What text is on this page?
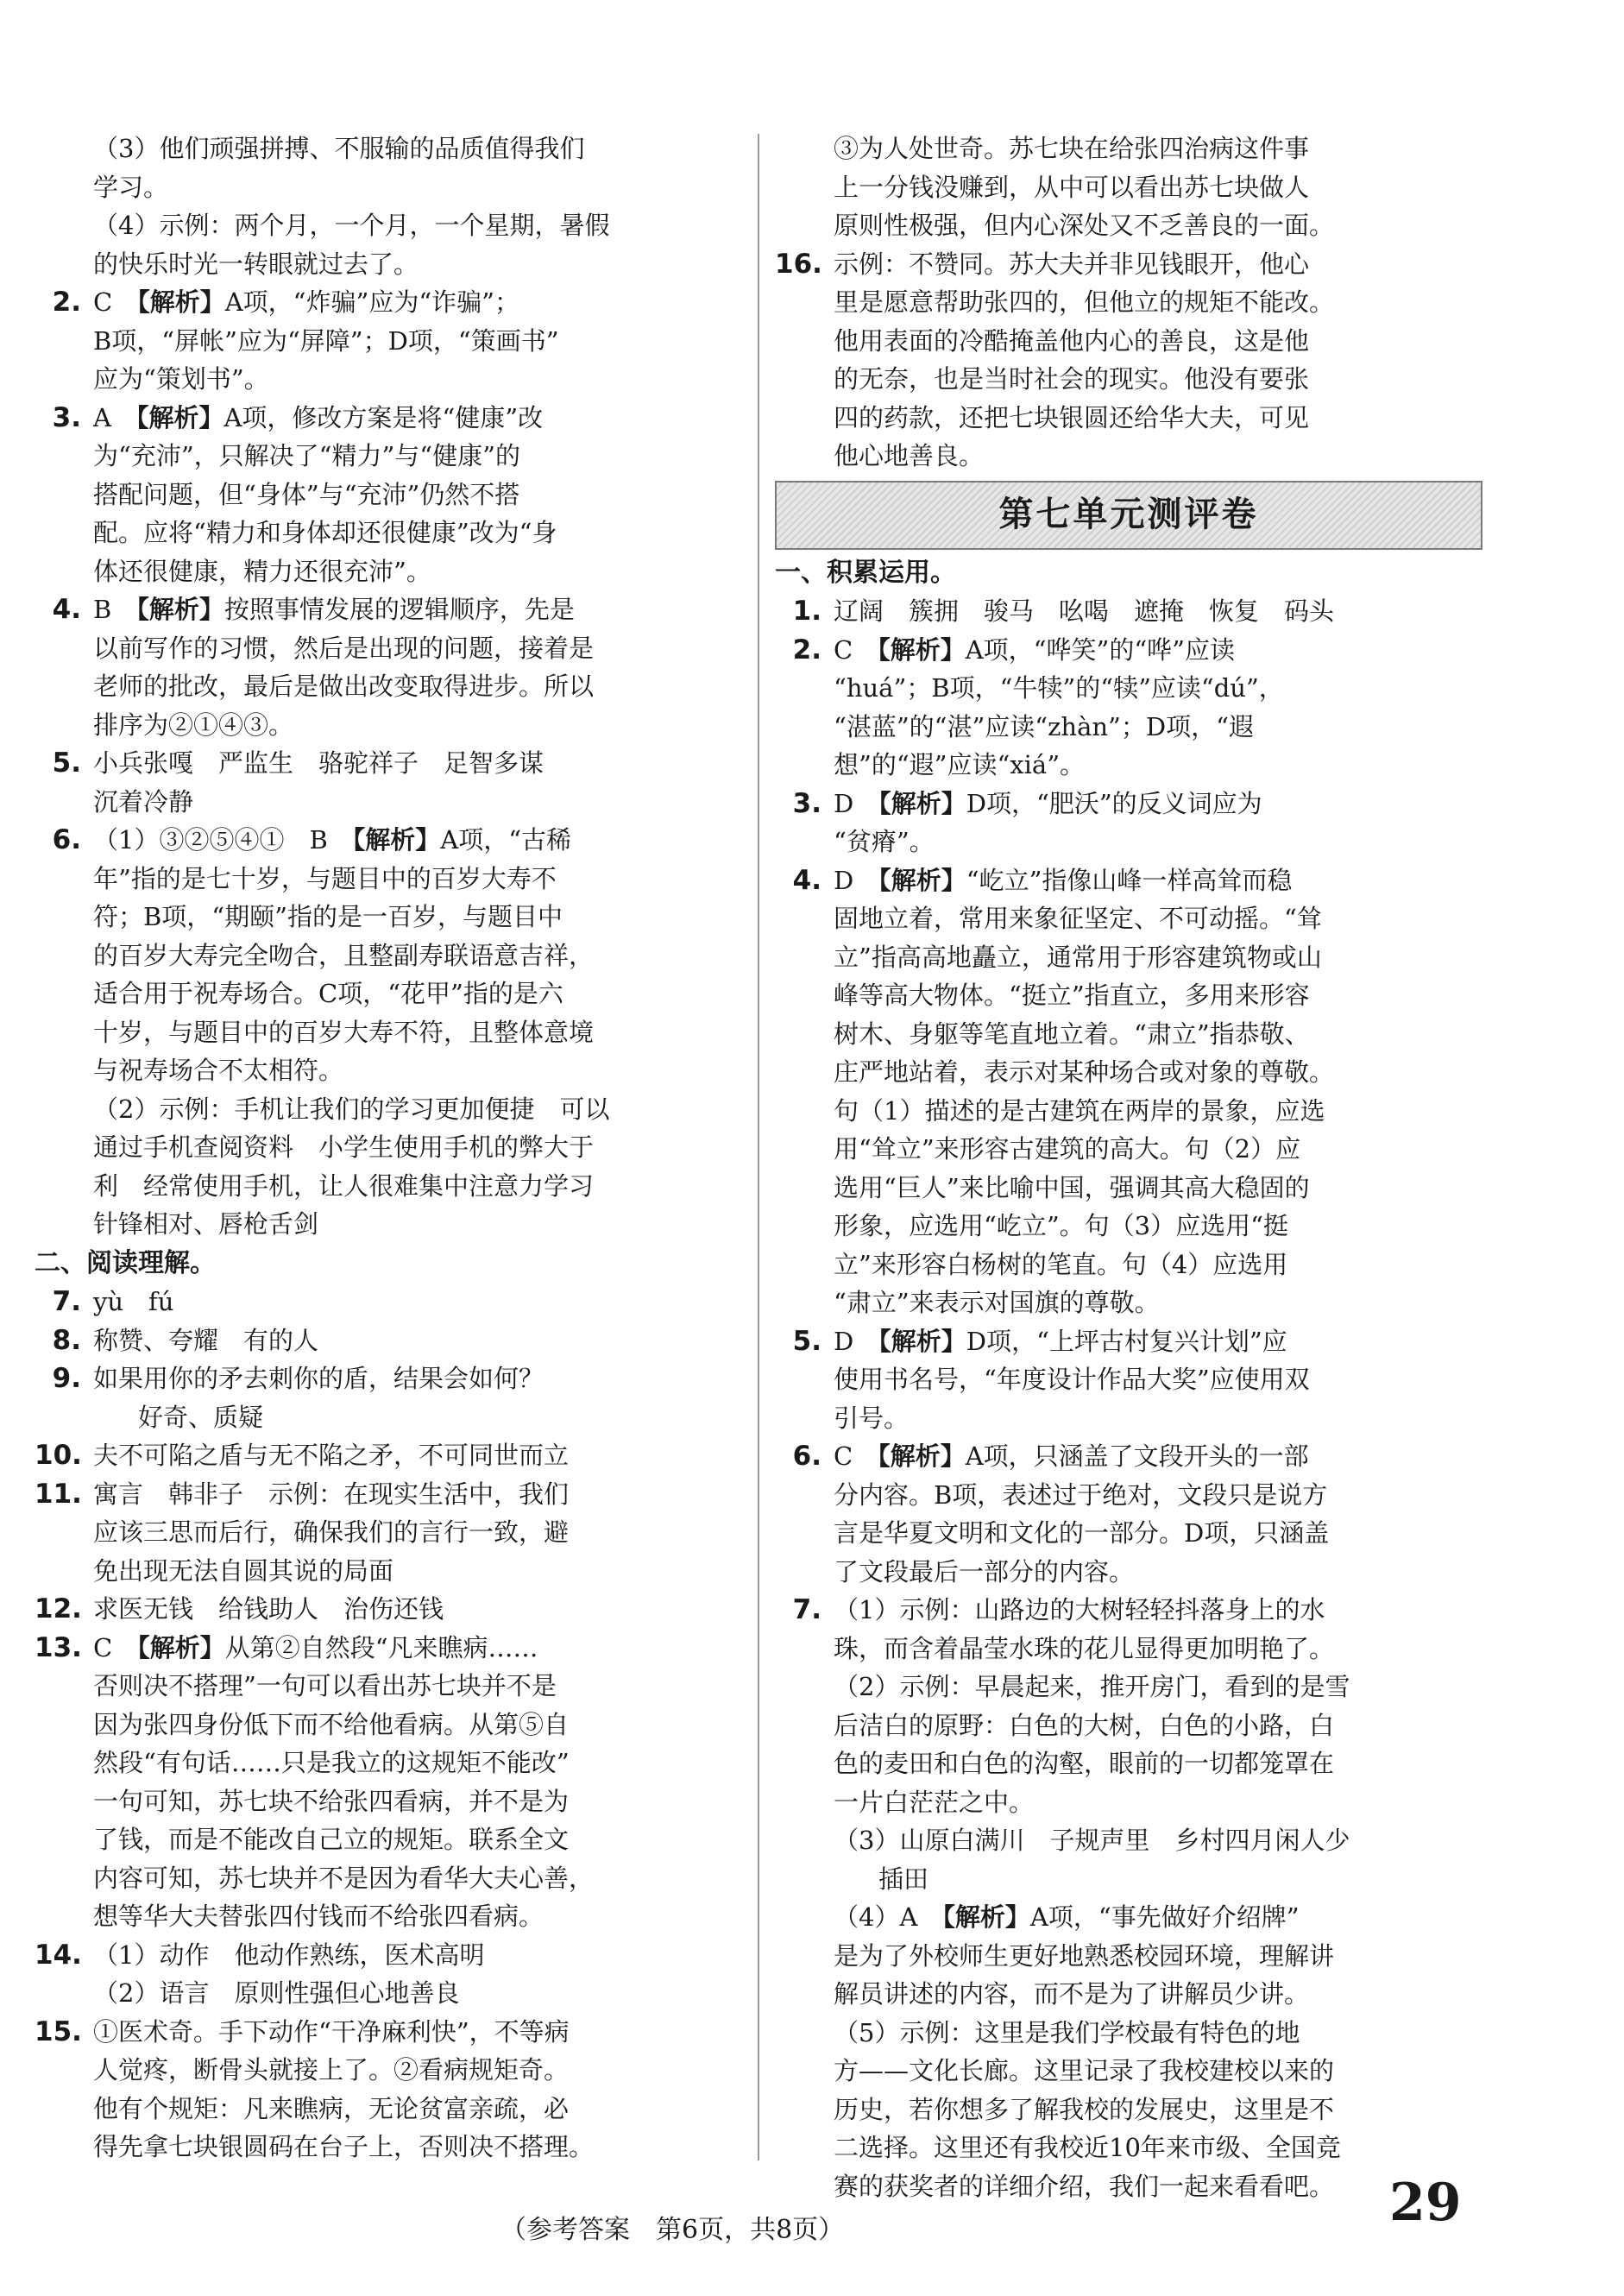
（3）他们顽强拼搏、不服输的品质值得我们
学习。
（4）示例：两个月，一个月，一个星期，暑假
的快乐时光一转眼就过去了。
2. C　【解析】A项，“炸骗”应为“诈骗”；
B项，“屏帐”应为“屏障”；D项，“策画书”
应为“策划书”。
3. A　【解析】A项，修改方案是将“健康”改
为“充沛”，只解决了“精力”与“健康”的
搭配问题，但“身体”与“充沛”仍然不搭
配。应将“精力和身体却还很健康”改为“身
体还很健康，精力还很充沛”。
4. B　【解析】按照事情发展的逻辑顺序，先是
以前写作的习惯，然后是出现的问题，接着是
老师的批改，最后是做出改变取得进步。所以
排序为②①④③。
5. 小兵张嘎　严监生　骆驼祥子　足智多谋
沉着冷静
6. （1）③②⑤④①　B　【解析】A项，“古稀
年”指的是七十岁，与题目中的百岁大寿不
符；B项，“期颐”指的是一百岁，与题目中
的百岁大寿完全吻合，且整副寿联语意吉祥，
适合用于祝寿场合。C项，“花甲”指的是六
十岁，与题目中的百岁大寿不符，且整体意境
与祝寿场合不太相符。
（2）示例：手机让我们的学习更加便捷　可以
通过手机查阅资料　小学生使用手机的弊大于
利　经常使用手机，让人很难集中注意力学习
针锋相对、唇枪舌剑
二、阅读理解。
7. yù　fú
8. 称赞、夸耀　有的人
9. 如果用你的矛去刺你的盾，结果会如何？
好奇、质疑
10. 夫不可陷之盾与无不陷之矛，不可同世而立
11. 寓言　韩非子　示例：在现实生活中，我们
应该三思而后行，确保我们的言行一致，避
免出现无法自圆其说的局面
12. 求医无钱　给钱助人　治伤还钱
13. C　【解析】从第②自然段“凡来瞧病……
否则决不搭理”一句可以看出苏七块并不是
因为张四身份低下而不给他看病。从第⑤自
然段“有句话……只是我立的这规矩不能改”
一句可知，苏七块不给张四看病，并不是为
了钱，而是不能改自己立的规矩。联系全文
内容可知，苏七块并不是因为看华大夫心善，
想等华大夫替张四付钱而不给张四看病。
14. （1）动作　他动作熟练，医术高明
（2）语言　原则性强但心地善良
15. ①医术奇。手下动作“干净麻利快”，不等病
人觉疼，断骨头就接上了。②看病规矩奇。
他有个规矩：凡来瞧病，无论贫富亲疏，必
得先拿七块银圆码在台子上，否则决不搭理。
③为人处世奇。苏七块在给张四治病这件事
上一分钱没赚到，从中可以看出苏七块做人
原则性极强，但内心深处又不乏善良的一面。
16. 示例：不赞同。苏大夫并非见钱眼开，他心
里是愿意帮助张四的，但他立的规矩不能改。
他用表面的冷酷掩盖他内心的善良，这是他
的无奈，也是当时社会的现实。他没有要张
四的药款，还把七块银圆还给华大夫，可见
他心地善良。
第七单元测评卷
一、积累运用。
1. 辽阔　簇拥　骏马　吆喝　遮掩　恢复　码头
2. C　【解析】A项，“哗笑”的“哗”应读
“huá”；B项，“牛犊”的“犊”应读“dú”，
“湛蓝”的“湛”应读“zhàn”；D项，“遐
想”的“遐”应读“xiá”。
3. D　【解析】D项，“肥沃”的反义词应为
“贫瘠”。
4. D　【解析】“屹立”指像山峰一样高耸而稳
固地立着，常用来象征坚定、不可动摇。“耸
立”指高高地矗立，通常用于形容建筑物或山
峰等高大物体。“挺立”指直立，多用来形容
树木、身躯等笔直地立着。“肃立”指恭敬、
庄严地站着，表示对某种场合或对象的尊敬。
句（1）描述的是古建筑在两岸的景象，应选
用“耸立”来形容古建筑的高大。句（2）应
选用“巨人”来比喻中国，强调其高大稳固的
形象，应选用“屹立”。句（3）应选用“挺
立”来形容白杨树的笔直。句（4）应选用
“肃立”来表示对国旗的尊敬。
5. D　【解析】D项，“上坪古村复兴计划”应
使用书名号，“年度设计作品大奖”应使用双
引号。
6. C　【解析】A项，只涵盖了文段开头的一部
分内容。B项，表述过于绝对，文段只是说方
言是华夏文明和文化的一部分。D项，只涵盖
了文段最后一部分的内容。
7. （1）示例：山路边的大树轻轻抖落身上的水
珠，而含着晶莹水珠的花儿显得更加明艳了。
（2）示例：早晨起来，推开房门，看到的是雪
后洁白的原野：白色的大树，白色的小路，白
色的麦田和白色的沟壑，眼前的一切都笼罩在
一片白茫茫之中。
（3）山原白满川　子规声里　乡村四月闲人少
插田
（4）A　【解析】A项，“事先做好介绍牌”
是为了外校师生更好地熟悉校园环境，理解讲
解员讲述的内容，而不是为了讲解员少讲。
（5）示例：这里是我们学校最有特色的地
方——文化长廊。这里记录了我校建校以来的
历史，若你想多了解我校的发展史，这里是不
二选择。这里还有我校近10年来市级、全国竞
赛的获奖者的详细介绍，我们一起来看看吧。
（参考答案　第6页，共8页）	29
